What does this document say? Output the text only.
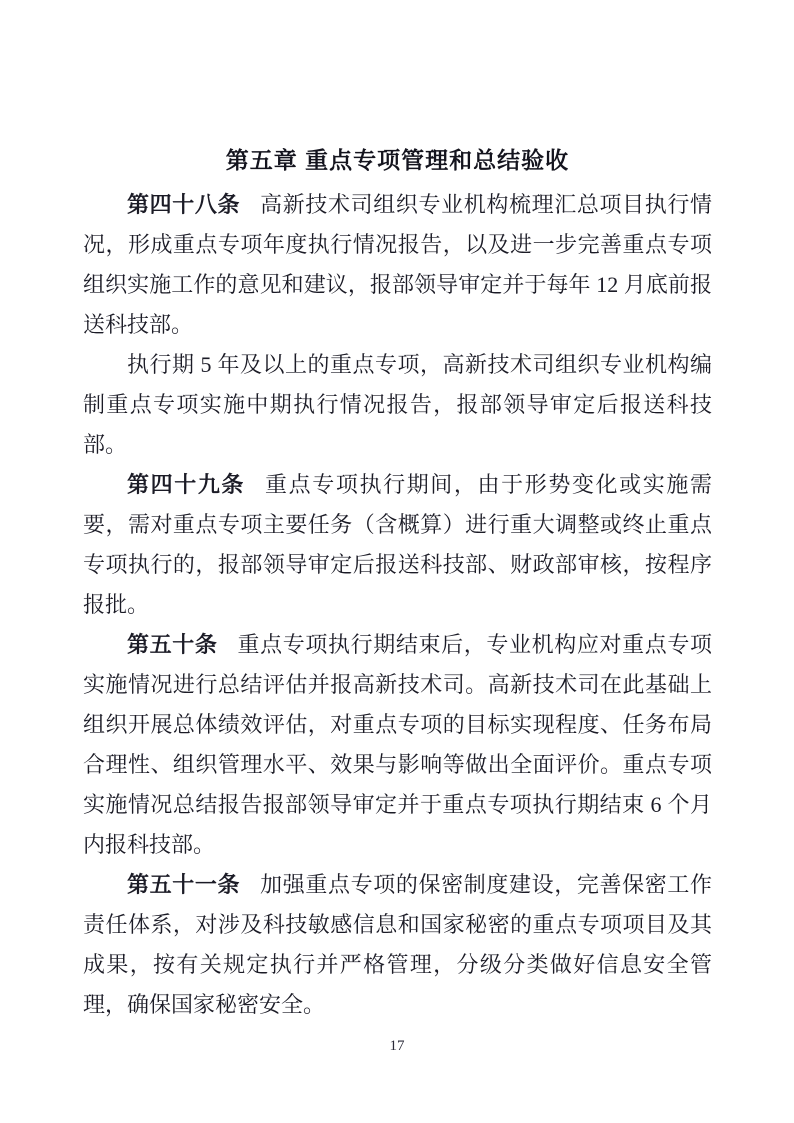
第五章 重点专项管理和总结验收

第四十八条 高新技术司组织专业机构梳理汇总项目执行情况，形成重点专项年度执行情况报告，以及进一步完善重点专项组织实施工作的意见和建议，报部领导审定并于每年 12 月底前报送科技部。

执行期 5 年及以上的重点专项，高新技术司组织专业机构编制重点专项实施中期执行情况报告，报部领导审定后报送科技部。

第四十九条 重点专项执行期间，由于形势变化或实施需要，需对重点专项主要任务（含概算）进行重大调整或终止重点专项执行的，报部领导审定后报送科技部、财政部审核，按程序报批。

第五十条 重点专项执行期结束后，专业机构应对重点专项实施情况进行总结评估并报高新技术司。高新技术司在此基础上组织开展总体绩效评估，对重点专项的目标实现程度、任务布局合理性、组织管理水平、效果与影响等做出全面评价。重点专项实施情况总结报告报部领导审定并于重点专项执行期结束 6 个月内报科技部。

第五十一条 加强重点专项的保密制度建设，完善保密工作责任体系，对涉及科技敏感信息和国家秘密的重点专项项目及其成果，按有关规定执行并严格管理，分级分类做好信息安全管理，确保国家秘密安全。

17
